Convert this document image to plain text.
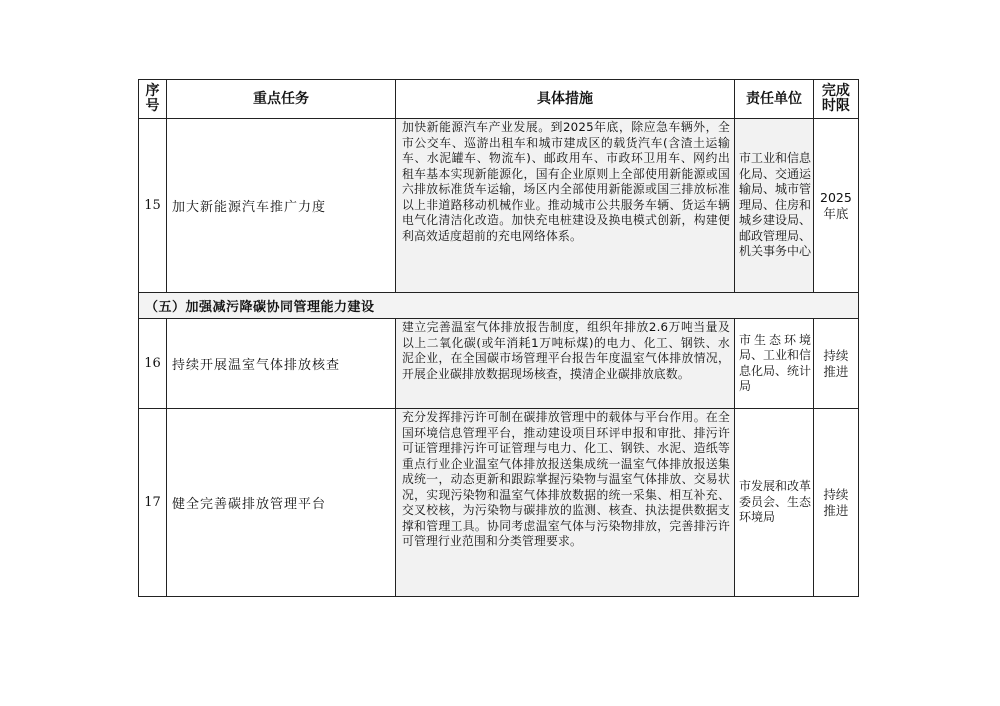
序号	重点任务	具体措施	责任单位	完成时限
15	加大新能源汽车推广力度	加快新能源汽车产业发展。到2025年底，除应急车辆外，全市公交车、巡游出租车和城市建成区的载货汽车(含渣土运输车、水泥罐车、物流车)、邮政用车、市政环卫用车、网约出租车基本实现新能源化，国有企业原则上全部使用新能源或国六排放标准货车运输，场区内全部使用新能源或国三排放标准以上非道路移动机械作业。推动城市公共服务车辆、货运车辆电气化清洁化改造。加快充电桩建设及换电模式创新，构建便利高效适度超前的充电网络体系。	市工业和信息化局、交通运输局、城市管理局、住房和城乡建设局、邮政管理局、机关事务中心	2025年底
（五）加强减污降碳协同管理能力建设				
16	持续开展温室气体排放核查	建立完善温室气体排放报告制度，组织年排放2.6万吨当量及以上二氧化碳(或年消耗1万吨标煤)的电力、化工、钢铁、水泥企业，在全国碳市场管理平台报告年度温室气体排放情况，开展企业碳排放数据现场核查，摸清企业碳排放底数。	市生态环境局、工业和信息化局、统计局	持续推进
17	健全完善碳排放管理平台	充分发挥排污许可制在碳排放管理中的载体与平台作用。在全国环境信息管理平台，推动建设项目环评申报和审批、排污许可证管理排污许可证管理与电力、化工、钢铁、水泥、造纸等重点行业企业温室气体排放报送集成统一温室气体排放报送集成统一，动态更新和跟踪掌握污染物与温室气体排放、交易状况，实现污染物和温室气体排放数据的统一采集、相互补充、交叉校核，为污染物与碳排放的监测、核查、执法提供数据支撑和管理工具。协同考虑温室气体与污染物排放，完善排污许可管理行业范围和分类管理要求。	市发展和改革委员会、生态环境局	持续推进
